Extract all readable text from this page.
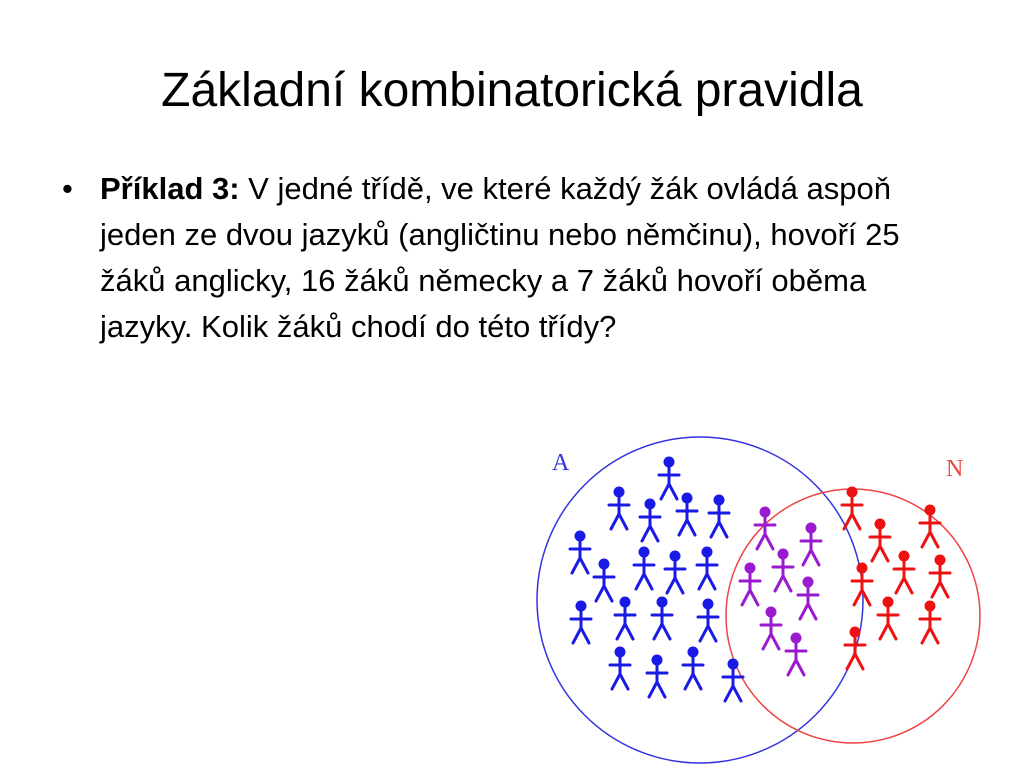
Základní kombinatorická pravidla
• Příklad 3: V jedné třídě, ve které každý žák ovládá aspoň jeden ze dvou jazyků (angličtinu nebo němčinu), hovoří 25 žáků anglicky, 16 žáků německy a 7 žáků hovoří oběma jazyky. Kolik žáků chodí do této třídy?
A	N
